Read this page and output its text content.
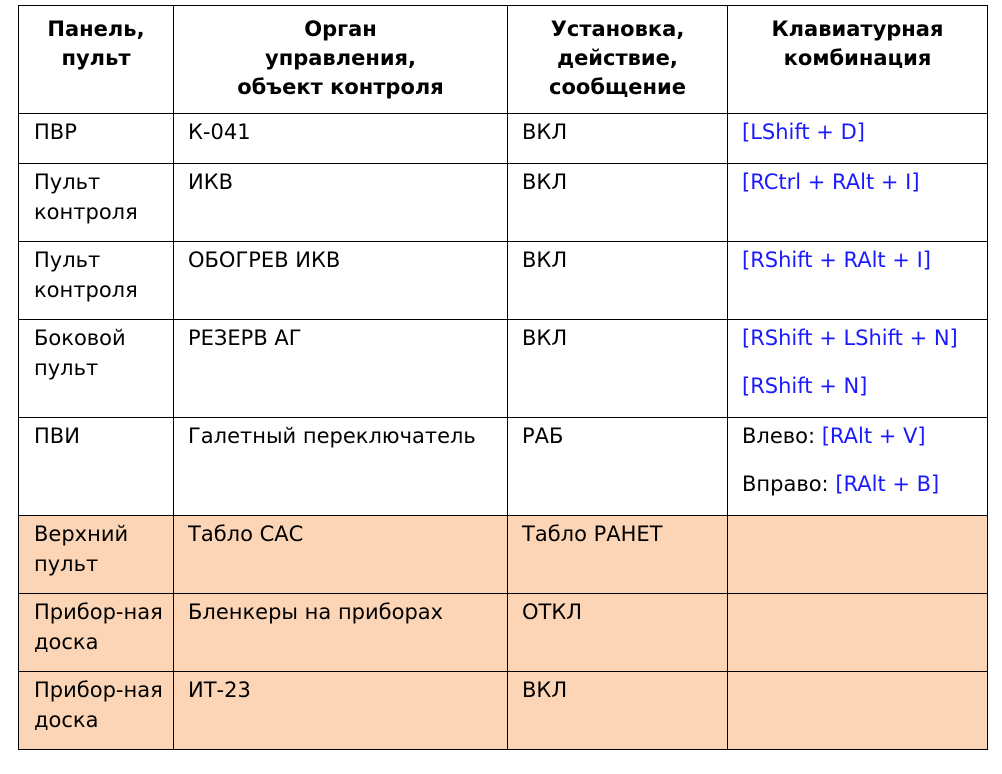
Панель, пульт	Орган управления, объект контроля	Установка, действие, сообщение	Клавиатурная комбинация
ПВР	К-041	ВКЛ	[LShift + D]

Пульт контроля	ИКВ	ВКЛ	[RCtrl + RAlt + I]

Пульт контроля	ОБОГРЕВ ИКВ	ВКЛ	[RShift + RAlt + I]

Боковой пульт	РЕЗЕРВ АГ	ВКЛ	[RShift + LShift + N]
[RShift + N]

ПВИ	Галетный переключатель	РАБ	Влево: [RAlt + V]
Вправо: [RAlt + B]

Верхний пульт	Табло САС	Табло РАНЕТ	
Прибор-ная доска	Бленкеры на приборах	ОТКЛ	
Прибор-ная доска	ИТ-23	ВКЛ	
